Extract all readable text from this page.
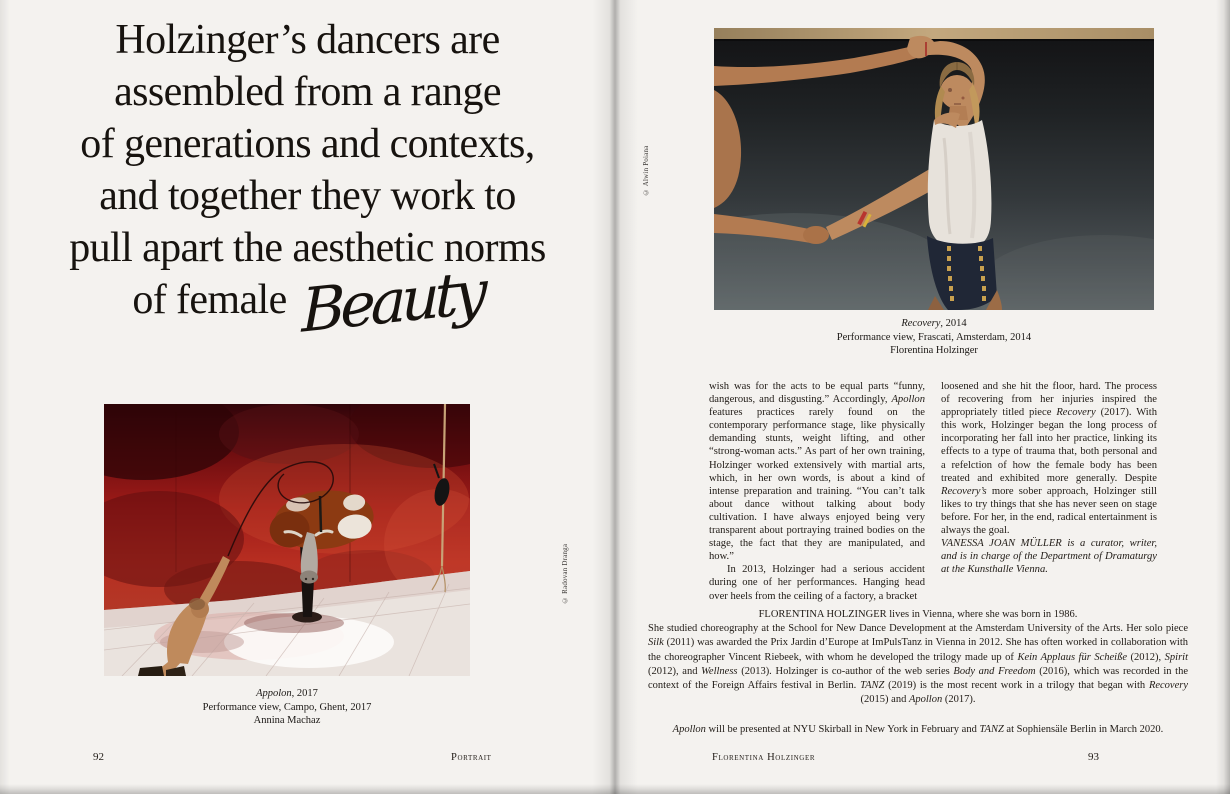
Holzinger’s dancers are
assembled from a range
of generations and contexts,
and together they work to
pull apart the aesthetic norms
of female Beauty
© Radovan Dranga
Appolon, 2017
Performance view, Campo, Ghent, 2017
Annina Machaz
92	Portrait
© Alwin Poiana
Recovery, 2014
Performance view, Frascati, Amsterdam, 2014
Florentina Holzinger

wish was for the acts to be equal parts “funny, dangerous, and disgusting.” Accordingly, Apollon features practices rarely found on the contemporary performance stage, like physically demanding stunts, weight lifting, and other “strong-woman acts.” As part of her own training, Holzinger worked extensively with martial arts, which, in her own words, is about a kind of intense preparation and training. “You can’t talk about dance without talking about body cultivation. I have always enjoyed being very transparent about portraying trained bodies on the stage, the fact that they are manipulated, and how.”

In 2013, Holzinger had a serious accident during one of her performances. Hanging head over heels from the ceiling of a factory, a bracket

loosened and she hit the floor, hard. The process of recovering from her injuries inspired the appropriately titled piece Recovery (2017). With this work, Holzinger began the long process of incorporating her fall into her practice, linking its effects to a type of trauma that, both personal and a refelction of how the female body has been treated and exhibited more generally. Despite Recovery’s more sober approach, Holzinger still likes to try things that she has never seen on stage before. For her, in the end, radical entertainment is always the goal.

VANESSA JOAN MÜLLER is a curator, writer, and is in charge of the Department of Dramaturgy at the Kunsthalle Vienna.

FLORENTINA HOLZINGER lives in Vienna, where she was born in 1986.

She studied choreography at the School for New Dance Development at the Amsterdam University of the Arts. Her solo piece Silk (2011) was awarded the Prix Jardin d’Europe at ImPulsTanz in Vienna in 2012. She has often worked in collaboration with the choreographer Vincent Riebeek, with whom he developed the trilogy made up of Kein Applaus für Scheiße (2012), Spirit (2012), and Wellness (2013). Holzinger is co-author of the web series Body and Freedom (2016), which was recorded in the context of the Foreign Affairs festival in Berlin. TANZ (2019) is the most recent work in a trilogy that began with Recovery (2015) and Apollon (2017).

Apollon will be presented at NYU Skirball in New York in February and TANZ at Sophiensäle Berlin in March 2020.

Florentina Holzinger	93
